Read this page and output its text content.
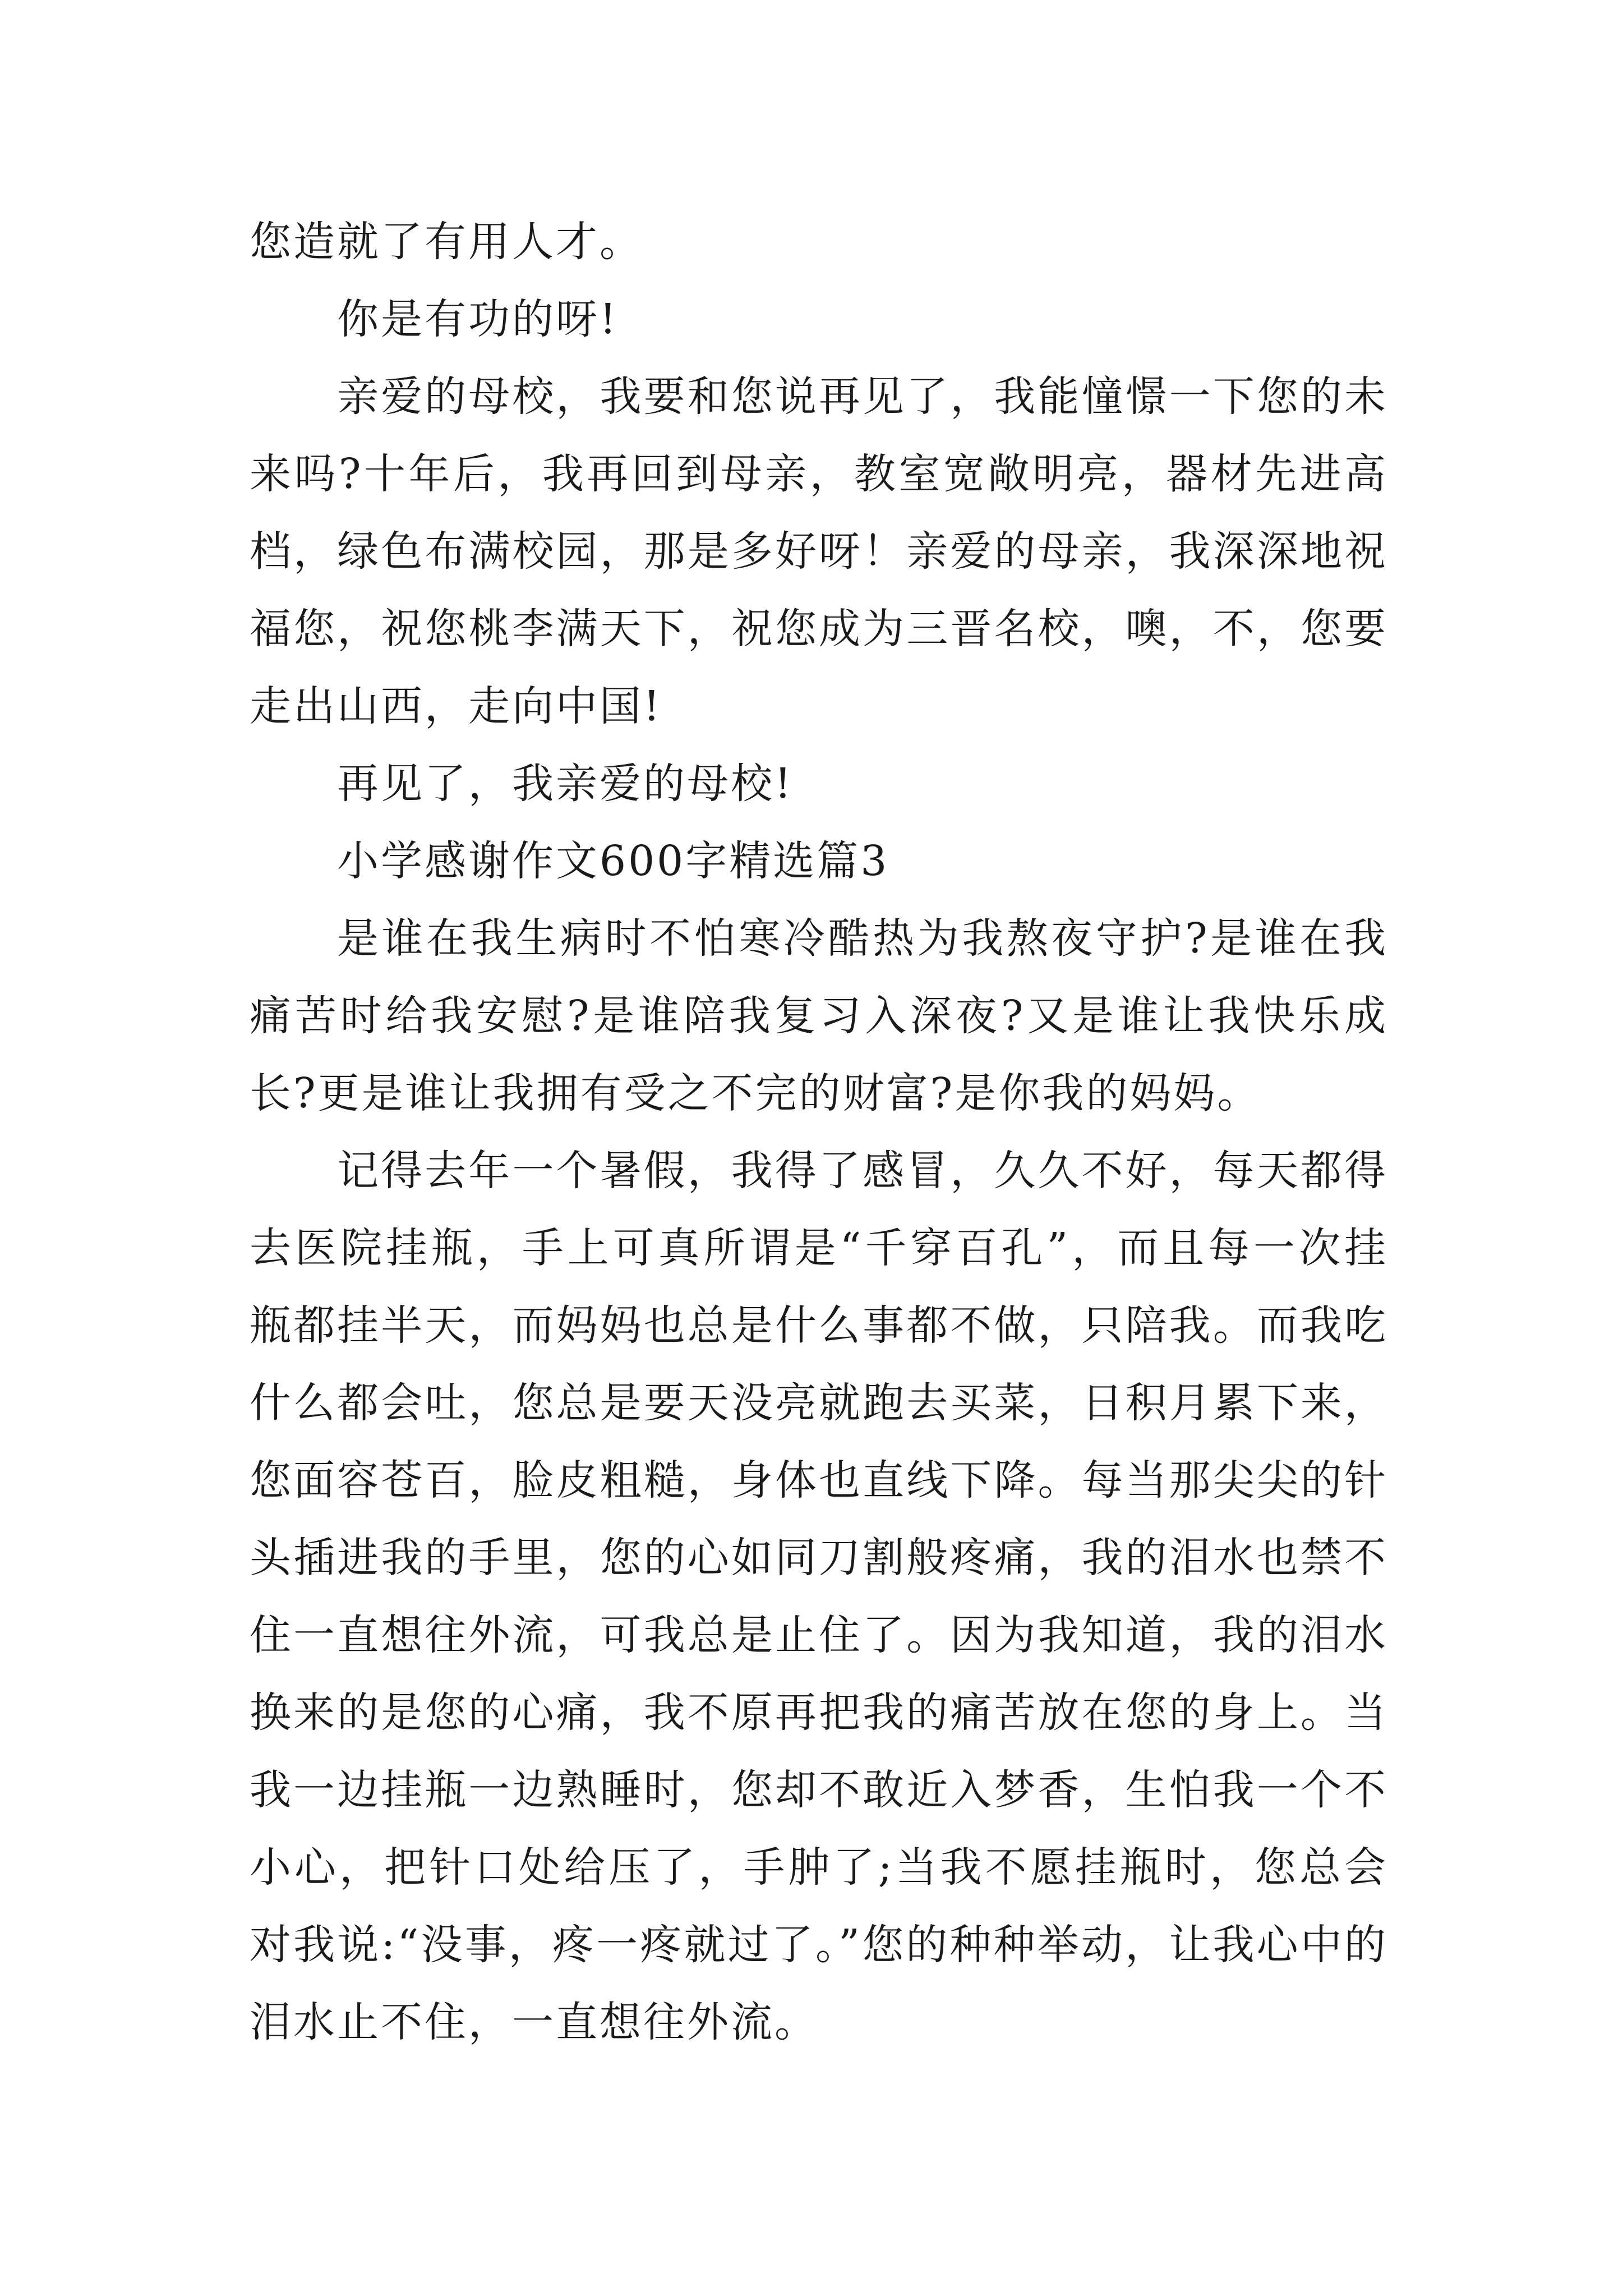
您造就了有用人才。

你是有功的呀!

亲爱的母校，我要和您说再见了，我能憧憬一下您的未来吗?十年后，我再回到母亲，教室宽敞明亮，器材先进高档，绿色布满校园，那是多好呀！亲爱的母亲，我深深地祝福您，祝您桃李满天下，祝您成为三晋名校，噢，不，您要走出山西，走向中国!

再见了，我亲爱的母校!

小学感谢作文600字精选篇3

是谁在我生病时不怕寒冷酷热为我熬夜守护?是谁在我痛苦时给我安慰?是谁陪我复习入深夜?又是谁让我快乐成长?更是谁让我拥有受之不完的财富?是你我的妈妈。

记得去年一个暑假，我得了感冒，久久不好，每天都得去医院挂瓶，手上可真所谓是“千穿百孔”，而且每一次挂瓶都挂半天，而妈妈也总是什么事都不做，只陪我。而我吃什么都会吐，您总是要天没亮就跑去买菜，日积月累下来，您面容苍百，脸皮粗糙，身体也直线下降。每当那尖尖的针头插进我的手里，您的心如同刀割般疼痛，我的泪水也禁不住一直想往外流，可我总是止住了。因为我知道，我的泪水换来的是您的心痛，我不原再把我的痛苦放在您的身上。当我一边挂瓶一边熟睡时，您却不敢近入梦香，生怕我一个不小心，把针口处给压了，手肿了;当我不愿挂瓶时，您总会对我说:“没事，疼一疼就过了。”您的种种举动，让我心中的泪水止不住，一直想往外流。
